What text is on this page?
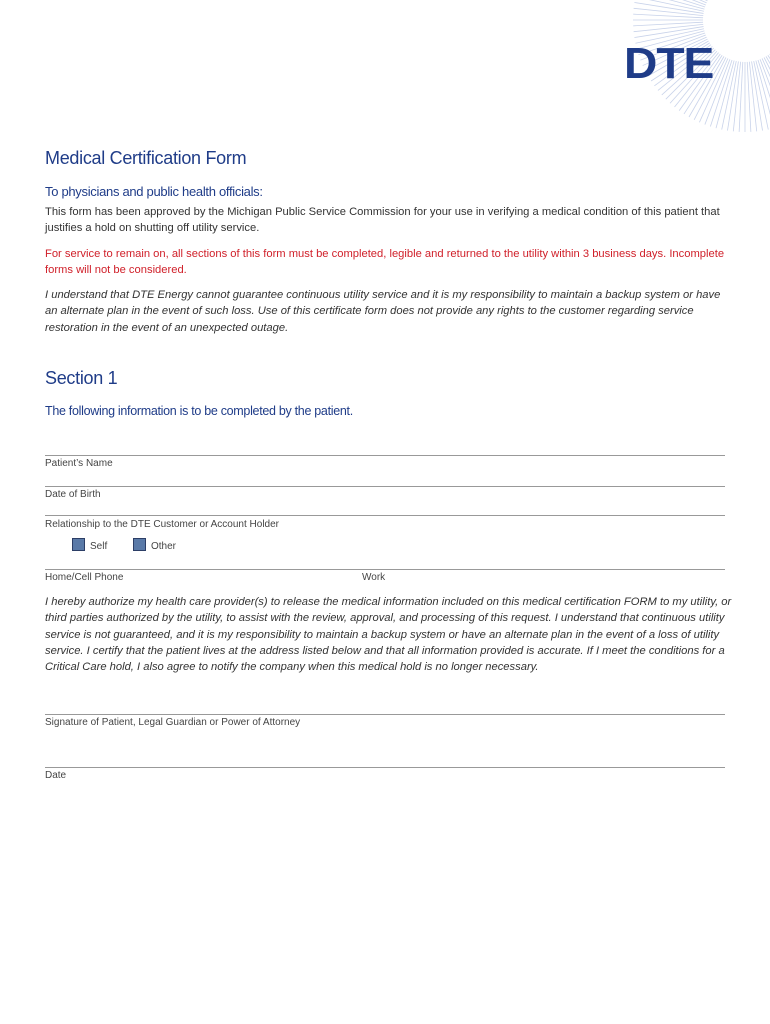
DTE
Medical Certification Form
To physicians and public health officials:
This form has been approved by the Michigan Public Service Commission for your use in verifying a medical condition of this patient that justifies a hold on shutting off utility service.
For service to remain on, all sections of this form must be completed, legible and returned to the utility within 3 business days. Incomplete forms will not be considered.
I understand that DTE Energy cannot guarantee continuous utility service and it is my responsibility to maintain a backup system or have an alternate plan in the event of such loss. Use of this certificate form does not provide any rights to the customer regarding service restoration in the event of an unexpected outage.
Section 1
The following information is to be completed by the patient.
Patient’s Name
Date of Birth
Relationship to the DTE Customer or Account Holder
Self	Other
Home/Cell Phone	Work
I hereby authorize my health care provider(s) to release the medical information included on this medical certification FORM to my utility, or third parties authorized by the utility, to assist with the review, approval, and processing of this request. I understand that continuous utility service is not guaranteed, and it is my responsibility to maintain a backup system or have an alternate plan in the event of a loss of utility service. I certify that the patient lives at the address listed below and that all information provided is accurate. If I meet the conditions for a Critical Care hold, I also agree to notify the company when this medical hold is no longer necessary.
Signature of Patient, Legal Guardian or Power of Attorney
Date
